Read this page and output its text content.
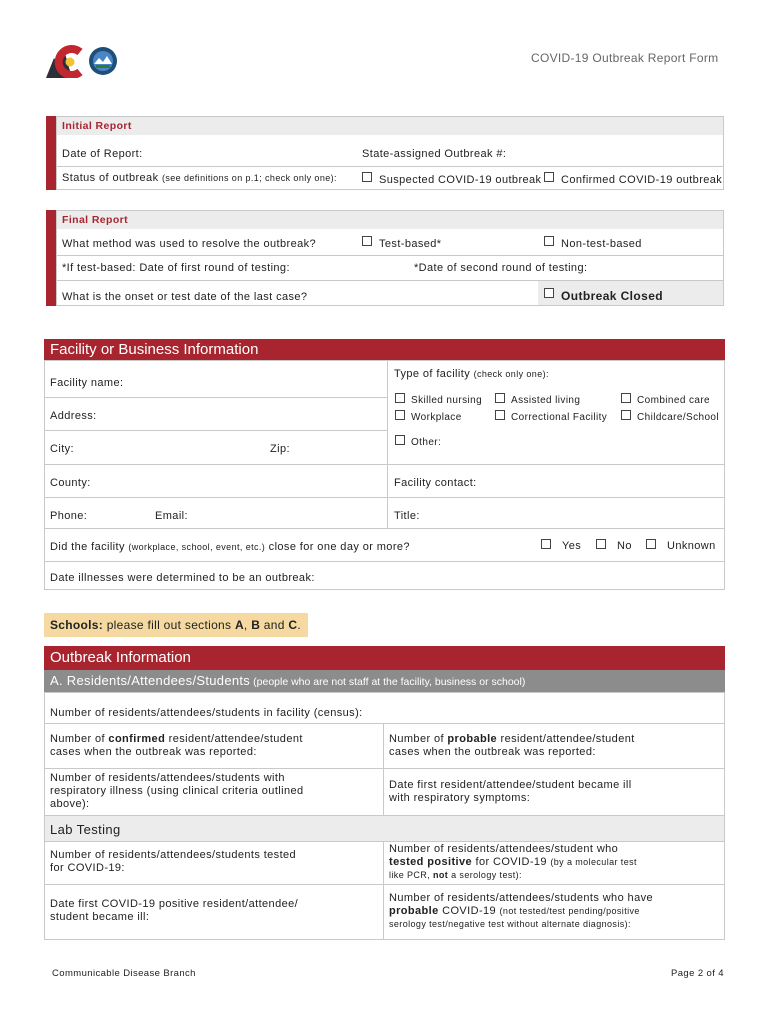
COVID-19 Outbreak Report Form
Initial Report
Date of Report:	State-assigned Outbreak #:
Status of outbreak (see definitions on p.1; check only one):	Suspected COVID-19 outbreak Confirmed COVID-19 outbreak
Final Report
What method was used to resolve the outbreak?	Test-based*	Non-test-based
*If test-based: Date of first round of testing:	*Date of second round of testing:
What is the onset or test date of the last case?	Outbreak Closed
Facility or Business Information
Facility name:
Address:
City:	Zip:
County:
Phone:	Email:
Type of facility (check only one):
Skilled nursing	Assisted living	Combined care
Workplace	Correctional Facility	Childcare/School
Other:
Facility contact:
Title:
Did the facility (workplace, school, event, etc.) close for one day or more?	Yes	No	Unknown
Date illnesses were determined to be an outbreak:
Schools: please fill out sections A, B and C.
Outbreak Information
A. Residents/Attendees/Students (people who are not staff at the facility, business or school)
Number of residents/attendees/students in facility (census):
Number of confirmed resident/attendee/student
cases when the outbreak was reported:
Number of probable resident/attendee/student
cases when the outbreak was reported:
Number of residents/attendees/students with
respiratory illness (using clinical criteria outlined
above):
Date first resident/attendee/student became ill
with respiratory symptoms:
Lab Testing
Number of residents/attendees/students tested
for COVID-19:
Number of residents/attendees/student who
tested positive for COVID-19 (by a molecular test
like PCR, not a serology test):
Date first COVID-19 positive resident/attendee/
student became ill:
Number of residents/attendees/students who have
probable COVID-19 (not tested/test pending/positive
serology test/negative test without alternate diagnosis):
Communicable Disease Branch	Page 2 of 4
